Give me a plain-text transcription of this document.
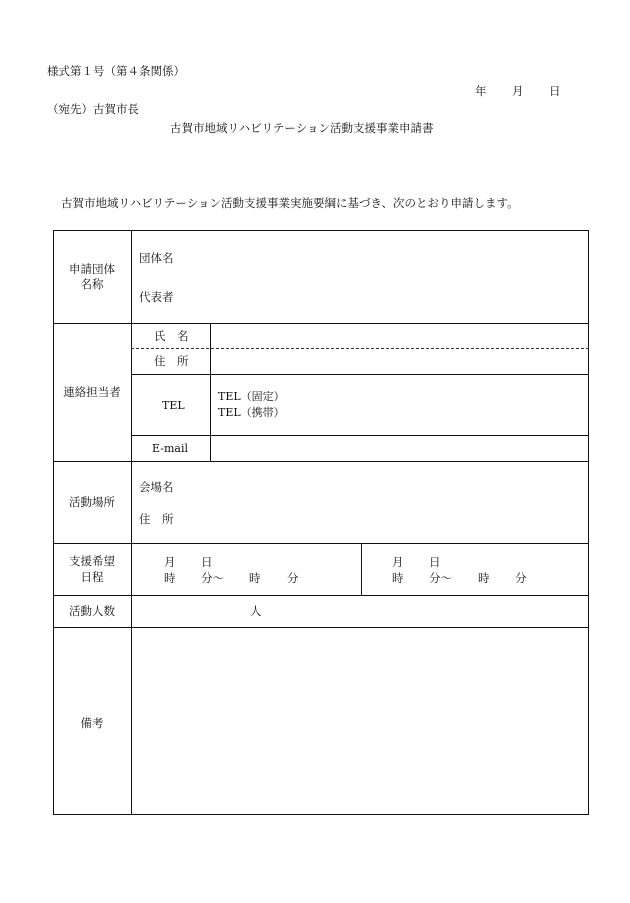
様式第１号（第４条関係）
年 月 日
（宛先）古賀市長
古賀市地域リハビリテーション活動支援事業申請書
古賀市地域リハビリテーション活動支援事業実施要綱に基づき、次のとおり申請します。
申請団体
名称
団体名
代表者
連絡担当者
氏　名
住　所
TEL
TEL（固定）
TEL（携帯）
E-mail
活動場所
会場名
住　所
支援希望
日程
月 日
時 分～ 時 分
月 日
時 分～ 時 分
活動人数	人
備考
